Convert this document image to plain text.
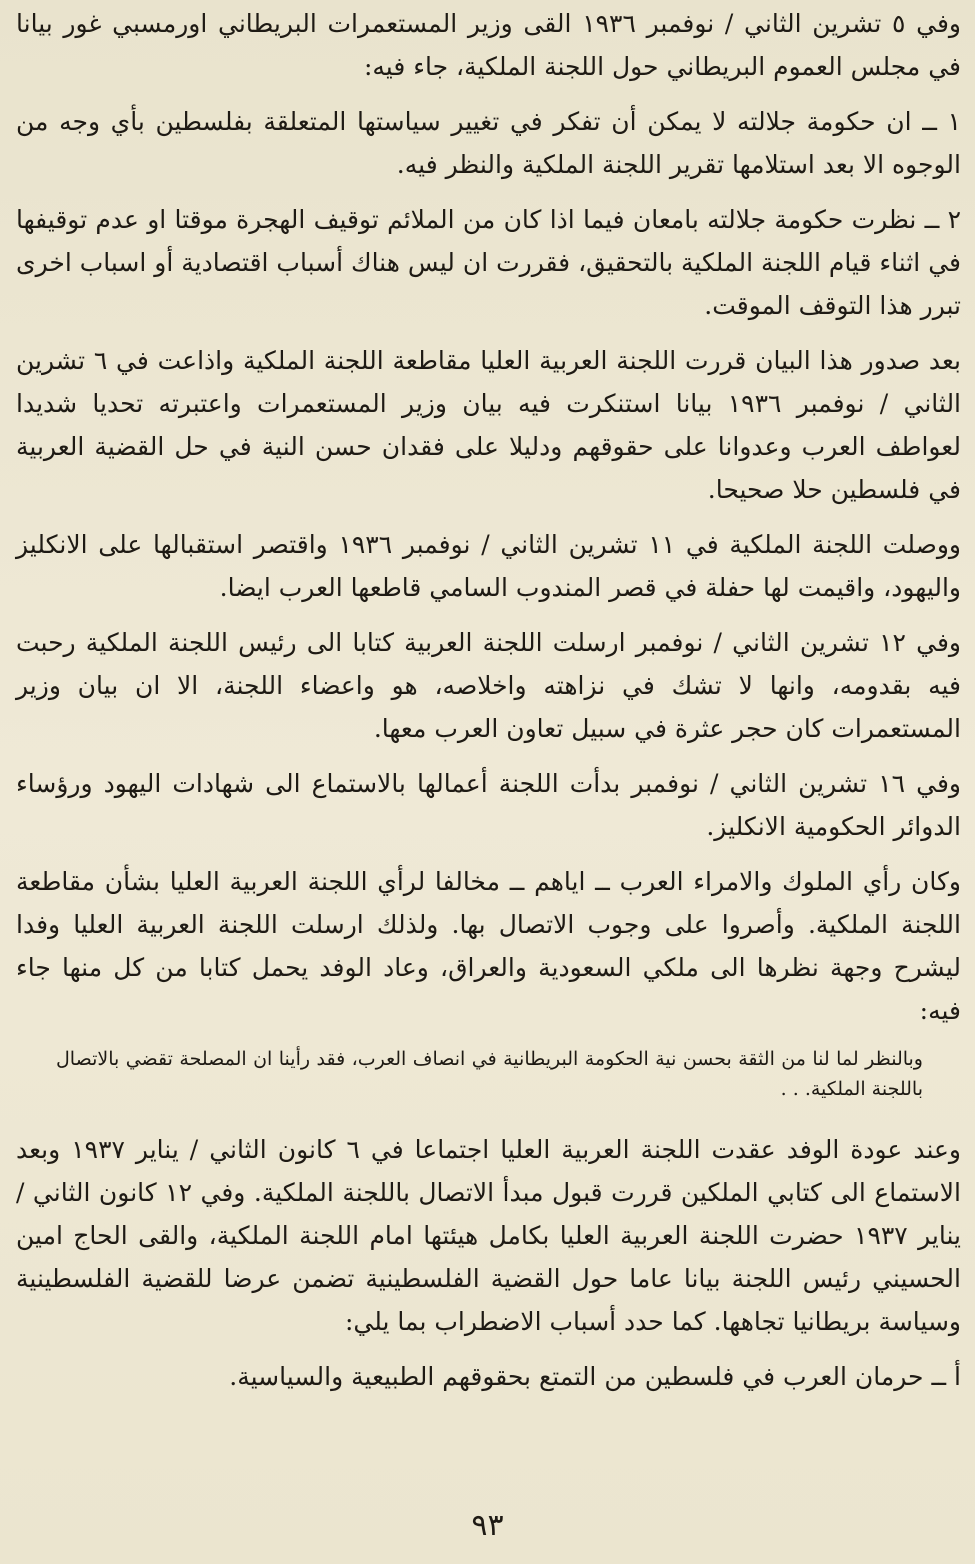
وفي ٥ تشرين الثاني / نوفمبر ١٩٣٦ القى وزير المستعمرات البريطاني اورمسبي غور بيانا في مجلس العموم البريطاني حول اللجنة الملكية، جاء فيه:

١ ــ ان حكومة جلالته لا يمكن أن تفكر في تغيير سياستها المتعلقة بفلسطين بأي وجه من الوجوه الا بعد استلامها تقرير اللجنة الملكية والنظر فيه.

٢ ــ نظرت حكومة جلالته بامعان فيما اذا كان من الملائم توقيف الهجرة موقتا او عدم توقيفها في اثناء قيام اللجنة الملكية بالتحقيق، فقررت ان ليس هناك أسباب اقتصادية أو اسباب اخرى تبرر هذا التوقف الموقت.

بعد صدور هذا البيان قررت اللجنة العربية العليا مقاطعة اللجنة الملكية واذاعت في ٦ تشرين الثاني / نوفمبر ١٩٣٦ بيانا استنكرت فيه بيان وزير المستعمرات واعتبرته تحديا شديدا لعواطف العرب وعدوانا على حقوقهم ودليلا على فقدان حسن النية في حل القضية العربية في فلسطين حلا صحيحا.

ووصلت اللجنة الملكية في ١١ تشرين الثاني / نوفمبر ١٩٣٦ واقتصر استقبالها على الانكليز واليهود، واقيمت لها حفلة في قصر المندوب السامي قاطعها العرب ايضا.

وفي ١٢ تشرين الثاني / نوفمبر ارسلت اللجنة العربية كتابا الى رئيس اللجنة الملكية رحبت فيه بقدومه، وانها لا تشك في نزاهته واخلاصه، هو واعضاء اللجنة، الا ان بيان وزير المستعمرات كان حجر عثرة في سبيل تعاون العرب معها.

وفي ١٦ تشرين الثاني / نوفمبر بدأت اللجنة أعمالها بالاستماع الى شهادات اليهود ورؤساء الدوائر الحكومية الانكليز.

وكان رأي الملوك والامراء العرب ــ اياهم ــ مخالفا لرأي اللجنة العربية العليا بشأن مقاطعة اللجنة الملكية. وأصروا على وجوب الاتصال بها. ولذلك ارسلت اللجنة العربية العليا وفدا ليشرح وجهة نظرها الى ملكي السعودية والعراق، وعاد الوفد يحمل كتابا من كل منها جاء فيه:

وبالنظر لما لنا من الثقة بحسن نية الحكومة البريطانية في انصاف العرب، فقد رأينا ان المصلحة تقضي بالاتصال باللجنة الملكية. . .

وعند عودة الوفد عقدت اللجنة العربية العليا اجتماعا في ٦ كانون الثاني / يناير ١٩٣٧ وبعد الاستماع الى كتابي الملكين قررت قبول مبدأ الاتصال باللجنة الملكية. وفي ١٢ كانون الثاني / يناير ١٩٣٧ حضرت اللجنة العربية العليا بكامل هيئتها امام اللجنة الملكية، والقى الحاج امين الحسيني رئيس اللجنة بيانا عاما حول القضية الفلسطينية تضمن عرضا للقضية الفلسطينية وسياسة بريطانيا تجاهها. كما حدد أسباب الاضطراب بما يلي:

أ ــ حرمان العرب في فلسطين من التمتع بحقوقهم الطبيعية والسياسية.

٩٣
